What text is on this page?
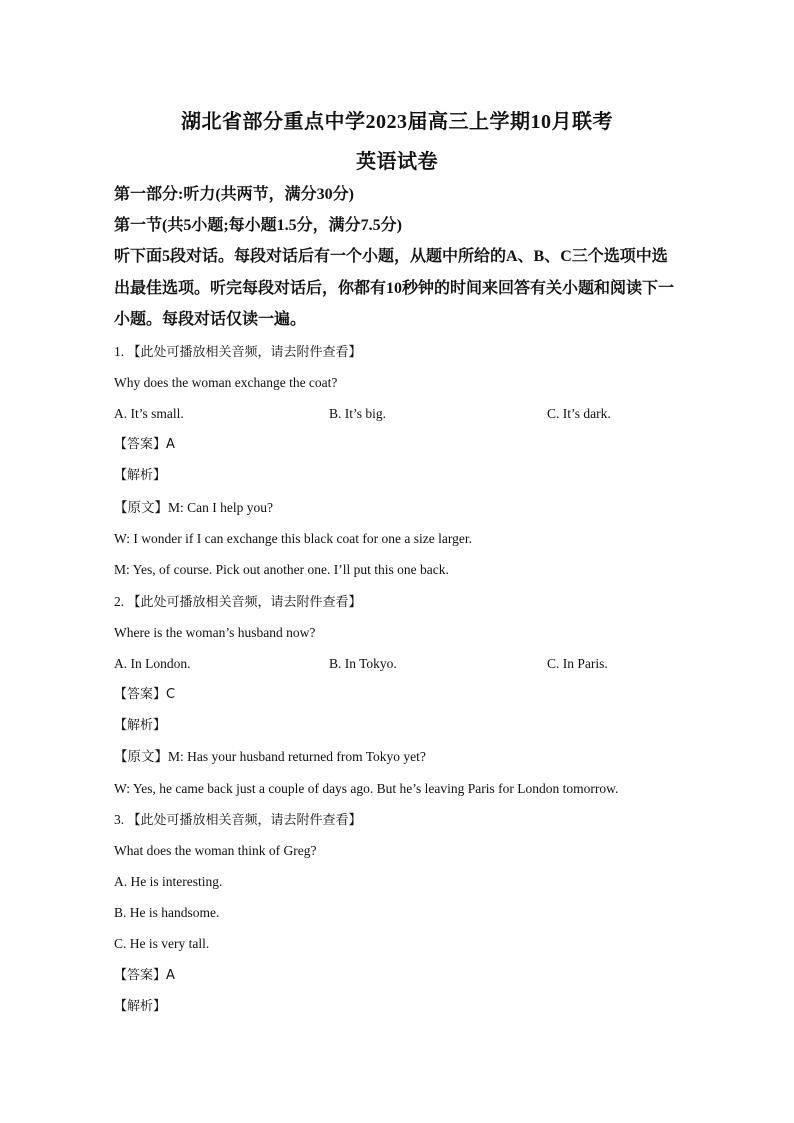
湖北省部分重点中学2023届高三上学期10月联考
英语试卷
第一部分:听力(共两节，满分30分)
第一节(共5小题;每小题1.5分，满分7.5分)
听下面5段对话。每段对话后有一个小题，从题中所给的A、B、C三个选项中选
出最佳选项。听完每段对话后，你都有10秒钟的时间来回答有关小题和阅读下一
小题。每段对话仅读一遍。
1. 【此处可播放相关音频，请去附件查看】
Why does the woman exchange the coat?
A. It’s small.	B. It’s big.	C. It’s dark.
【答案】A
【解析】
【原文】M: Can I help you?
W: I wonder if I can exchange this black coat for one a size larger.
M: Yes, of course. Pick out another one. I’ll put this one back.
2. 【此处可播放相关音频，请去附件查看】
Where is the woman’s husband now?
A. In London.	B. In Tokyo.	C. In Paris.
【答案】C
【解析】
【原文】M: Has your husband returned from Tokyo yet?
W: Yes, he came back just a couple of days ago. But he’s leaving Paris for London tomorrow.
3. 【此处可播放相关音频，请去附件查看】
What does the woman think of Greg?
A. He is interesting.
B. He is handsome.
C. He is very tall.
【答案】A
【解析】
